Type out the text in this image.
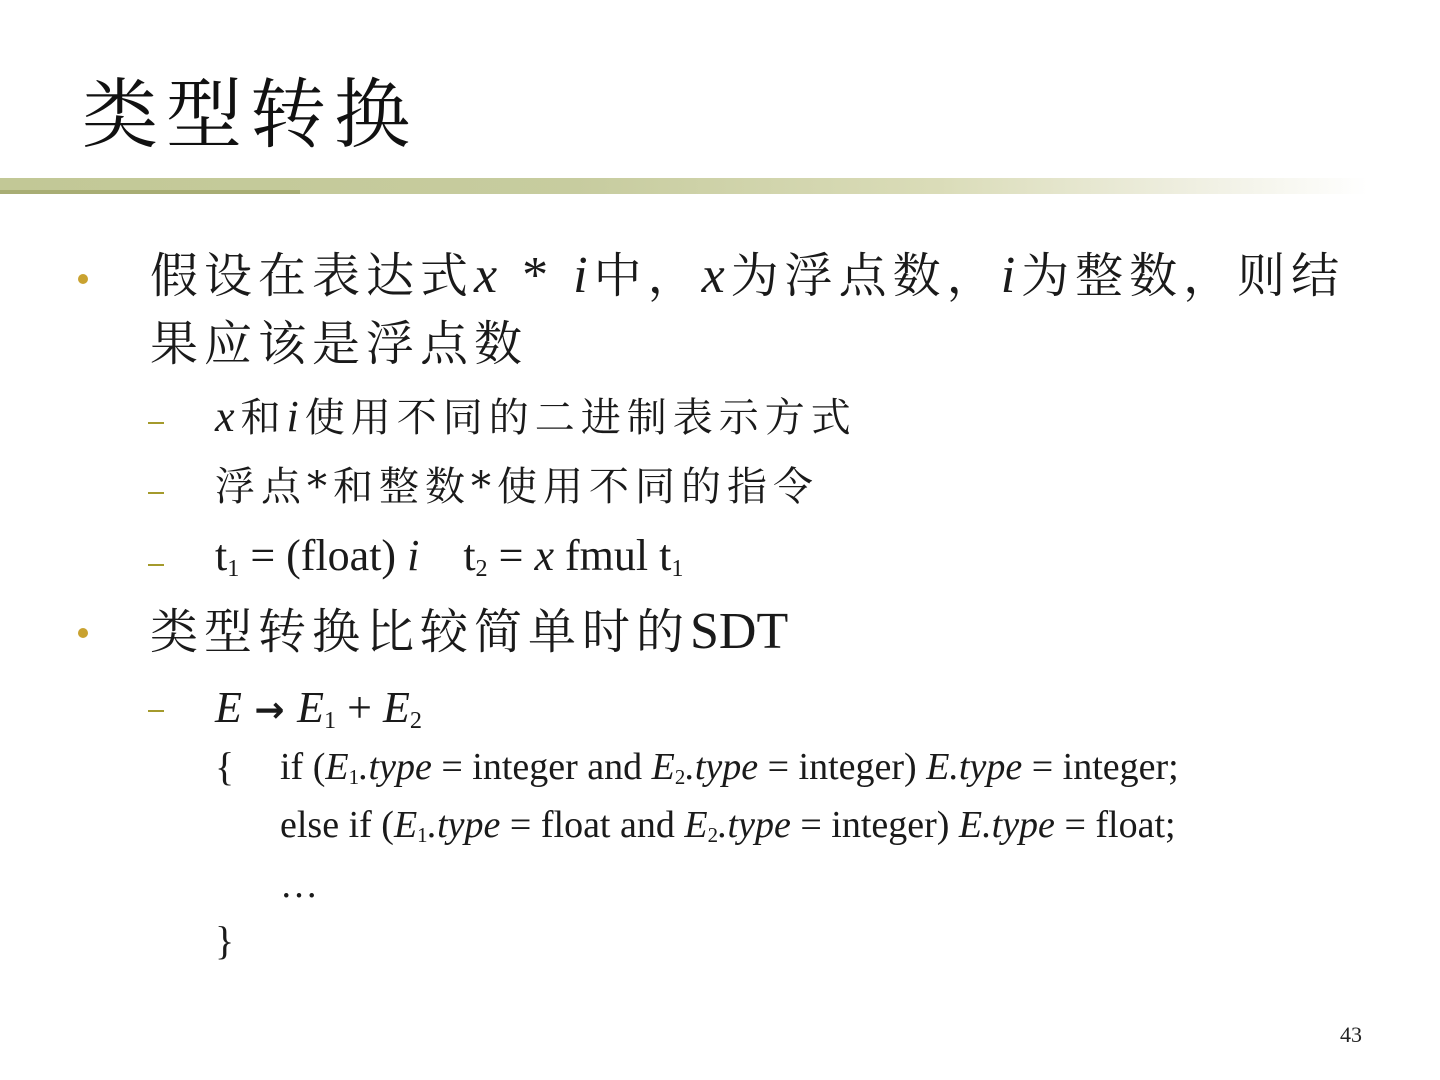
类型转换
假设在表达式x * i中，x为浮点数，i为整数，则结
果应该是浮点数
x和i使用不同的二进制表示方式
浮点*和整数*使用不同的指令
$t_1$ = (float) i    $t_2 = x$ fmul $t_1$
类型转换比较简单时的SDT
$E \to E_1 + E_2$
{ if ($E_1.type$ = integer and $E_2.type$ = integer) E.type = integer;
else if ($E_1.type$ = float and $E_2.type$ = integer) E.type = float;
…
}
43
